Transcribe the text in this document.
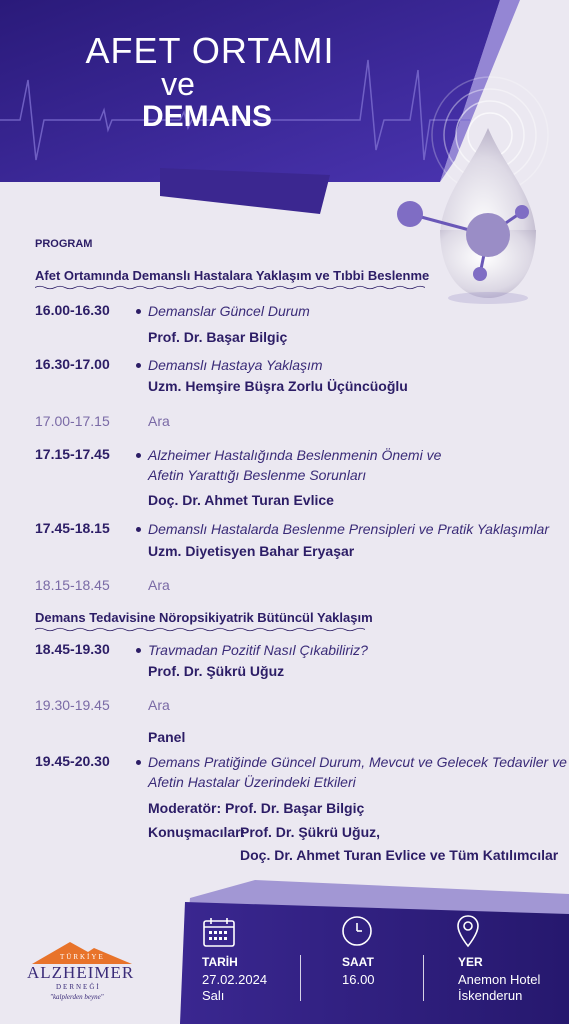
AFET ORTAMI
ve
DEMANS
PROGRAM
Afet Ortamında Demanslı Hastalara Yaklaşım ve Tıbbi Beslenme
16.00-16.30	Demanslar Güncel Durum
Prof. Dr. Başar Bilgiç
16.30-17.00	Demanslı Hastaya Yaklaşım
Uzm. Hemşire Büşra Zorlu Üçüncüoğlu
17.00-17.15	Ara
17.15-17.45	Alzheimer Hastalığında Beslenmenin Önemi ve
Afetin Yarattığı Beslenme Sorunları
Doç. Dr. Ahmet Turan Evlice
17.45-18.15	Demanslı Hastalarda Beslenme Prensipleri ve Pratik Yaklaşımlar
Uzm. Diyetisyen Bahar Eryaşar
18.15-18.45	Ara
Demans Tedavisine Nöropsikiyatrik Bütüncül Yaklaşım
18.45-19.30	Travmadan Pozitif Nasıl Çıkabiliriz?
Prof. Dr. Şükrü Uğuz
19.30-19.45	Ara
Panel
19.45-20.30	Demans Pratiğinde Güncel Durum, Mevcut ve Gelecek Tedaviler ve
Afetin Hastalar Üzerindeki Etkileri
Moderatör: Prof. Dr. Başar Bilgiç
Konuşmacılar:
Prof. Dr. Şükrü Uğuz,
Doç. Dr. Ahmet Turan Evlice ve Tüm Katılımcılar
TARİH
27.02.2024
Salı
SAAT
16.00
YER
Anemon Hotel
İskenderun
TÜRKİYE
ALZHEIMER
DERNEĞİ
"kalplerden beyne"
